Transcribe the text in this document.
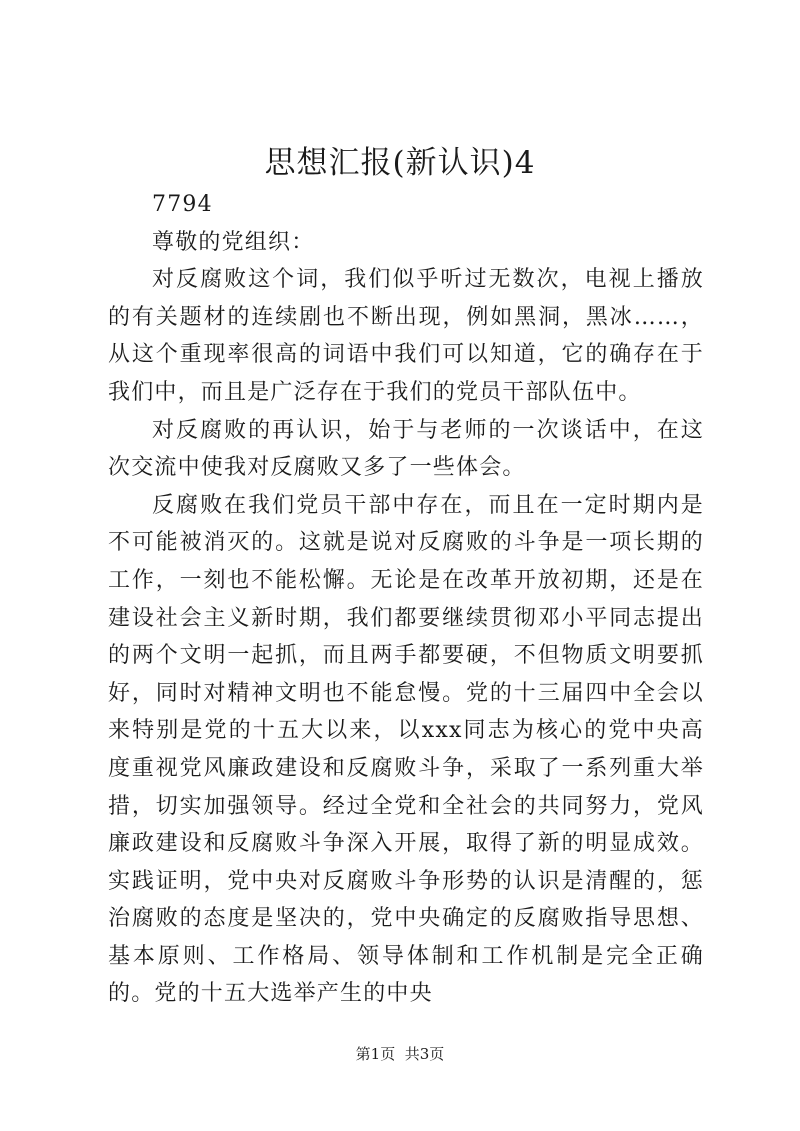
思想汇报(新认识)4

7794

尊敬的党组织：

对反腐败这个词，我们似乎听过无数次，电视上播放的有关题材的连续剧也不断出现，例如黑洞，黑冰……，从这个重现率很高的词语中我们可以知道，它的确存在于我们中，而且是广泛存在于我们的党员干部队伍中。

对反腐败的再认识，始于与老师的一次谈话中，在这次交流中使我对反腐败又多了一些体会。

反腐败在我们党员干部中存在，而且在一定时期内是不可能被消灭的。这就是说对反腐败的斗争是一项长期的工作，一刻也不能松懈。无论是在改革开放初期，还是在建设社会主义新时期，我们都要继续贯彻邓小平同志提出的两个文明一起抓，而且两手都要硬，不但物质文明要抓好，同时对精神文明也不能怠慢。党的十三届四中全会以来特别是党的十五大以来，以xxx同志为核心的党中央高度重视党风廉政建设和反腐败斗争，采取了一系列重大举措，切实加强领导。经过全党和全社会的共同努力，党风廉政建设和反腐败斗争深入开展，取得了新的明显成效。实践证明，党中央对反腐败斗争形势的认识是清醒的，惩治腐败的态度是坚决的，党中央确定的反腐败指导思想、基本原则、工作格局、领导体制和工作机制是完全正确的。党的十五大选举产生的中央

第1页 共3页
